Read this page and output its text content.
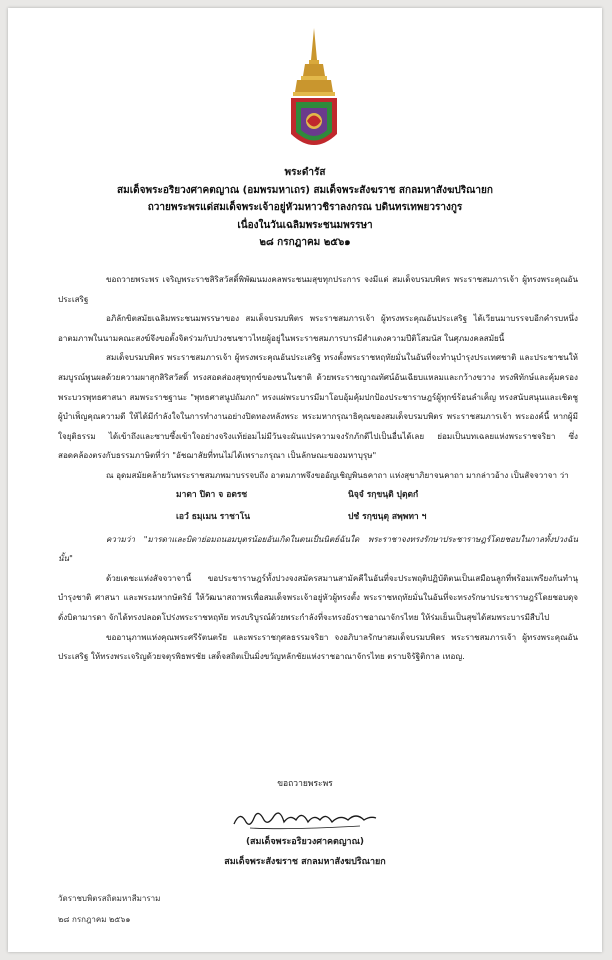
พระดำรัส
สมเด็จพระอริยวงศาคตญาณ (อมพรมหาเถร) สมเด็จพระสังฆราช สกลมหาสังฆปริณายก
ถวายพระพรแด่สมเด็จพระเจ้าอยู่หัวมหาวชิราลงกรณ บดินทรเทพยวรางกูร
เนื่องในวันเฉลิมพระชนมพรรษา
๒๘ กรกฎาคม ๒๕๖๑

ขอถวายพระพร เจริญพระราชสิริสวัสดิ์พิพัฒนมงคลพระชนมสุขทุกประการ จงมีแด่ สมเด็จบรมบพิตร พระราชสมภารเจ้า ผู้ทรงพระคุณอันประเสริฐ

อภิลักขิตสมัยเฉลิมพระชนมพรรษาของ สมเด็จบรมบพิตร พระราชสมภารเจ้า ผู้ทรงพระคุณอันประเสริฐ ได้เวียนมาบรรจบอีกคำรบหนึ่ง อาตมภาพในนามคณะสงฆ์จึงขอตั้งจิตร่วมกับปวงชนชาวไทยผู้อยู่ในพระราชสมภารบารมีสำแดงความปีติโสมนัส ในศุภมงคลสมัยนี้

สมเด็จบรมบพิตร พระราชสมภารเจ้า ผู้ทรงพระคุณอันประเสริฐ ทรงตั้งพระราชหฤทัยมั่นในอันที่จะทำนุบำรุงประเทศชาติ และประชาชนให้สมบูรณ์พูนผลด้วยความผาสุกสิริสวัสดิ์ ทรงสอดส่องสุขทุกข์ของชนในชาติ ด้วยพระราชญาณทัศน์อันเฉียบแหลมและกว้างขวาง ทรงพิทักษ์และคุ้มครองพระบวรพุทธศาสนา สมพระราชฐานะ "พุทธศาสนูปถัมภก" ทรงแผ่พระบารมีมาโอบอุ้มคุ้มปกป้องประชาราษฎร์ผู้ทุกข์ร้อนลำเค็ญ ทรงสนับสนุนและเชิดชูผู้บำเพ็ญคุณความดี ให้ได้มีกำลังใจในการทำงานอย่างปิดทองหลังพระ พระมหากรุณาธิคุณของสมเด็จบรมบพิตร พระราชสมภารเจ้า พระองค์นี้ หากผู้มีใจยุติธรรม ได้เข้าถึงและซาบซึ้งเข้าใจอย่างจริงแท้ย่อมไม่มีวันจะผันแปรความจงรักภักดีไปเป็นอื่นได้เลย ย่อมเป็นบทเฉลยแห่งพระราชจริยา ซึ่งสอดคล้องตรงกับธรรมภาษิตที่ว่า "อัชฌาสัยที่ทนไม่ได้เพราะกรุณา เป็นลักษณะของมหาบุรุษ"

ณ อุดมสมัยคล้ายวันพระราชสมภพมาบรรจบถึง อาตมภาพจึงขออัญเชิญพินธคาถา แห่งสุขาภิยาจนคาถา มากล่าวอ้าง เป็นสัจจวาจา ว่า

มาตา ปิตา จ อตรช	นิจฺจํ รกฺขนฺติ ปุตฺตกํ
เอวํ ธมฺเมน ราชาโน	ปชํ รกฺขนฺตุ สพฺพทา ฯ

ความว่า "มารดาและบิดาย่อมถนอมบุตรน้อยอันเกิดในตนเป็นนิตย์ฉันใด พระราชาจงทรงรักษาประชาราษฎร์โดยชอบในกาลทั้งปวงฉันนั้น"

ด้วยเดชะแห่งสัจจวาจานี้ ขอประชาราษฎร์ทั้งปวงจงสมัครสมานสามัคคีในอันที่จะประพฤติปฏิบัติตนเป็นเสมือนลูกที่พร้อมเพรียงกันทำนุบำรุงชาติ ศาสนา และพระมหากษัตริย์ ให้วัฒนาสถาพรเพื่อสมเด็จพระเจ้าอยู่หัวผู้ทรงตั้ง พระราชหฤทัยมั่นในอันที่จะทรงรักษาประชาราษฎร์โดยชอบดุจดั่งบิดามารดา จักได้ทรงปลอดโปร่งพระราชหฤทัย ทรงบริบูรณ์ด้วยพระกำลังที่จะทรงยังราชอาณาจักรไทย ให้ร่มเย็นเป็นสุขได้สมพระบารมีสืบไป

ขออานุภาพแห่งคุณพระศรีรัตนตรัย และพระราชกุศลธรรมจริยา จงอภิบาลรักษาสมเด็จบรมบพิตร พระราชสมภารเจ้า ผู้ทรงพระคุณอันประเสริฐ ให้ทรงพระเจริญด้วยจตุรพิธพรชัย เสด็จสถิตเป็นมิ่งขวัญหลักชัยแห่งราชอาณาจักรไทย ตราบจิรัฐิติกาล เทอญ.

ขอถวายพระพร
(สมเด็จพระอริยวงศาคตญาณ)
สมเด็จพระสังฆราช สกลมหาสังฆปริณายก
วัดราชบพิตรสถิตมหาสีมาราม
๒๘ กรกฎาคม ๒๕๖๑
